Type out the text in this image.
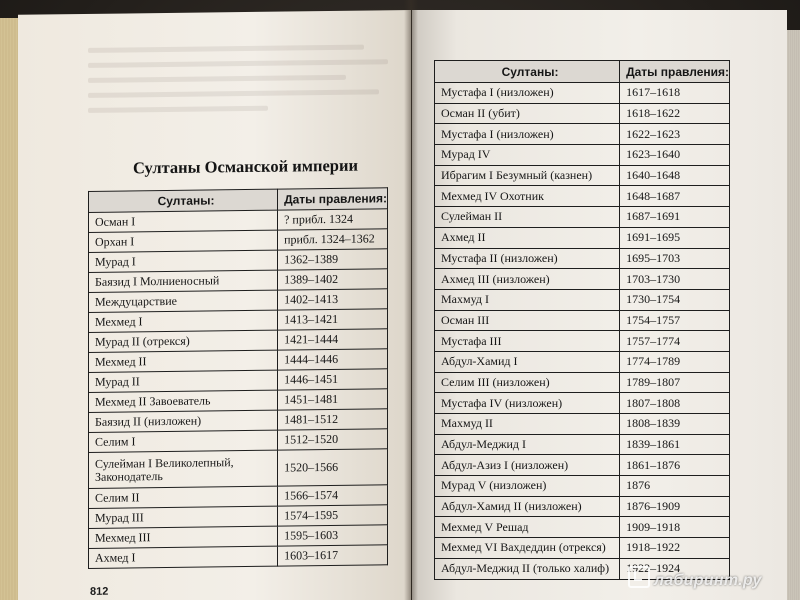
Султаны Османской империи
Султаны:	Даты правления:
Осман I	? прибл. 1324
Орхан I	прибл. 1324–1362
Мурад I	1362–1389
Баязид I Молниеносный	1389–1402
Междуцарствие	1402–1413
Мехмед I	1413–1421
Мурад II (отрекся)	1421–1444
Мехмед II	1444–1446
Мурад II	1446–1451
Мехмед II Завоеватель	1451–1481
Баязид II (низложен)	1481–1512
Селим I	1512–1520
Сулейман I Великолепный, Законодатель	1520–1566
Селим II	1566–1574
Мурад III	1574–1595
Мехмед III	1595–1603
Ахмед I	1603–1617
812
Султаны:	Даты правления:
Мустафа I (низложен)	1617–1618
Осман II (убит)	1618–1622
Мустафа I (низложен)	1622–1623
Мурад IV	1623–1640
Ибрагим I Безумный (казнен)	1640–1648
Мехмед IV Охотник	1648–1687
Сулейман II	1687–1691
Ахмед II	1691–1695
Мустафа II (низложен)	1695–1703
Ахмед III (низложен)	1703–1730
Махмуд I	1730–1754
Осман III	1754–1757
Мустафа III	1757–1774
Абдул-Хамид I	1774–1789
Селим III (низложен)	1789–1807
Мустафа IV (низложен)	1807–1808
Махмуд II	1808–1839
Абдул-Меджид I	1839–1861
Абдул-Азиз I (низложен)	1861–1876
Мурад V (низложен)	1876
Абдул-Хамид II (низложен)	1876–1909
Мехмед V Решад	1909–1918
Мехмед VI Вахдеддин (отрекся)	1918–1922
Абдул-Меджид II (только халиф)	1922–1924
лабиринт.ру
